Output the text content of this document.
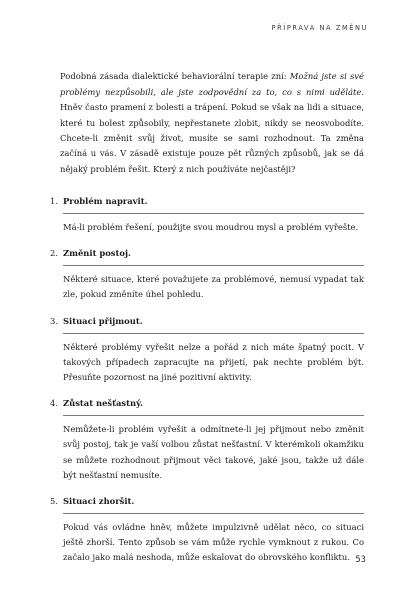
PŘÍPRAVA NA ZMĚNU

Podobná zásada dialektické behaviorální terapie zní: Možná jste si své problémy nezpůsobili, ale jste zodpovědní za to, co s nimi uděláte. Hněv často pramení z bolesti a trápení. Pokud se však na lidi a situace, které tu bolest způsobily, nepřestanete zlobit, nikdy se neosvobodíte. Chcete-li změnit svůj život, musíte se sami rozhodnout. Ta změna začíná u vás. V zásadě existuje pouze pět různých způsobů, jak se dá nějaký problém řešit. Který z nich používáte nejčastěji?

1. Problém napravit.
Má-li problém řešení, použijte svou moudrou mysl a problém vyřešte.
2. Změnit postoj.
Některé situace, které považujete za problémové, nemusí vypadat tak zle, pokud změníte úhel pohledu.
3. Situaci přijmout.
Některé problémy vyřešit nelze a pořád z nich máte špatný pocit. V takových případech zapracujte na přijetí, pak nechte problém být. Přesuňte pozornost na jiné pozitivní aktivity.
4. Zůstat nešťastný.
Nemůžete-li problém vyřešit a odmítnete-li jej přijmout nebo změnit svůj postoj, tak je vaší volbou zůstat nešťastní. V kterémkoli okamžiku se můžete rozhodnout přijmout věci takové, jaké jsou, takže už dále být nešťastní nemusíte.
5. Situaci zhoršit.
Pokud vás ovládne hněv, můžete impulzivně udělat něco, co situaci ještě zhorší. Tento způsob se vám může rychle vymknout z rukou. Co začalo jako malá neshoda, může eskalovat do obrovského konfliktu. 53
